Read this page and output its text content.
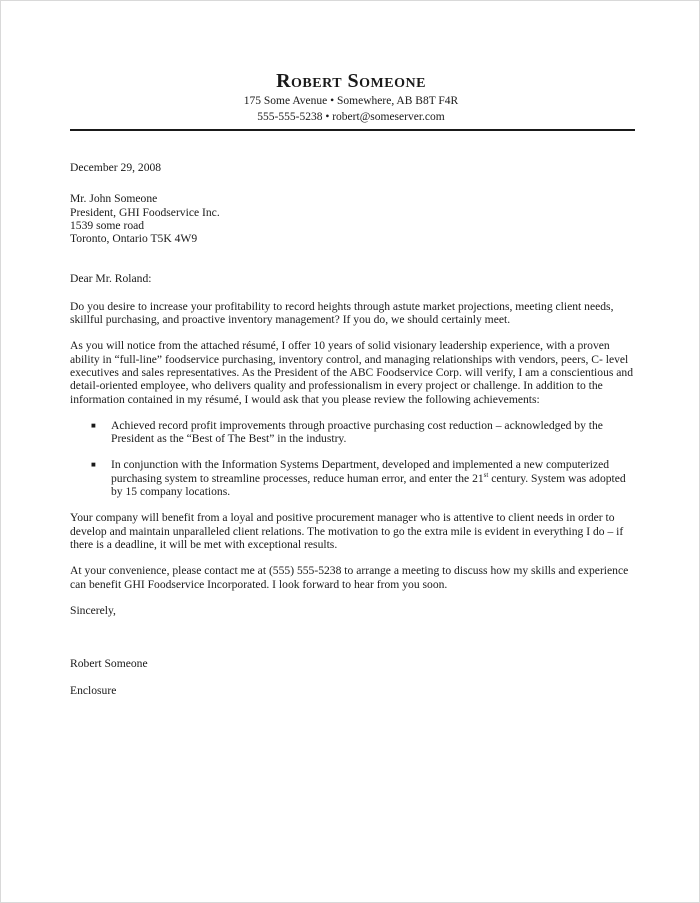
Robert Someone
175 Some Avenue • Somewhere, AB B8T F4R
555-555-5238 • robert@someserver.com

December 29, 2008

Mr. John Someone
President, GHI Foodservice Inc.
1539 some road
Toronto, Ontario T5K 4W9

Dear Mr. Roland:

Do you desire to increase your profitability to record heights through astute market projections, meeting client needs, skillful purchasing, and proactive inventory management? If you do, we should certainly meet.

As you will notice from the attached résumé, I offer 10 years of solid visionary leadership experience, with a proven ability in “full-line” foodservice purchasing, inventory control, and managing relationships with vendors, peers, C- level executives and sales representatives. As the President of the ABC Foodservice Corp. will verify, I am a conscientious and detail-oriented employee, who delivers quality and professionalism in every project or challenge. In addition to the information contained in my résumé, I would ask that you please review the following achievements:

■ Achieved record profit improvements through proactive purchasing cost reduction – acknowledged by the President as the “Best of The Best” in the industry.
■ In conjunction with the Information Systems Department, developed and implemented a new computerized purchasing system to streamline processes, reduce human error, and enter the 21st century. System was adopted by 15 company locations.

Your company will benefit from a loyal and positive procurement manager who is attentive to client needs in order to develop and maintain unparalleled client relations. The motivation to go the extra mile is evident in everything I do – if there is a deadline, it will be met with exceptional results.

At your convenience, please contact me at (555) 555-5238 to arrange a meeting to discuss how my skills and experience can benefit GHI Foodservice Incorporated. I look forward to hear from you soon.

Sincerely,

Robert Someone

Enclosure
